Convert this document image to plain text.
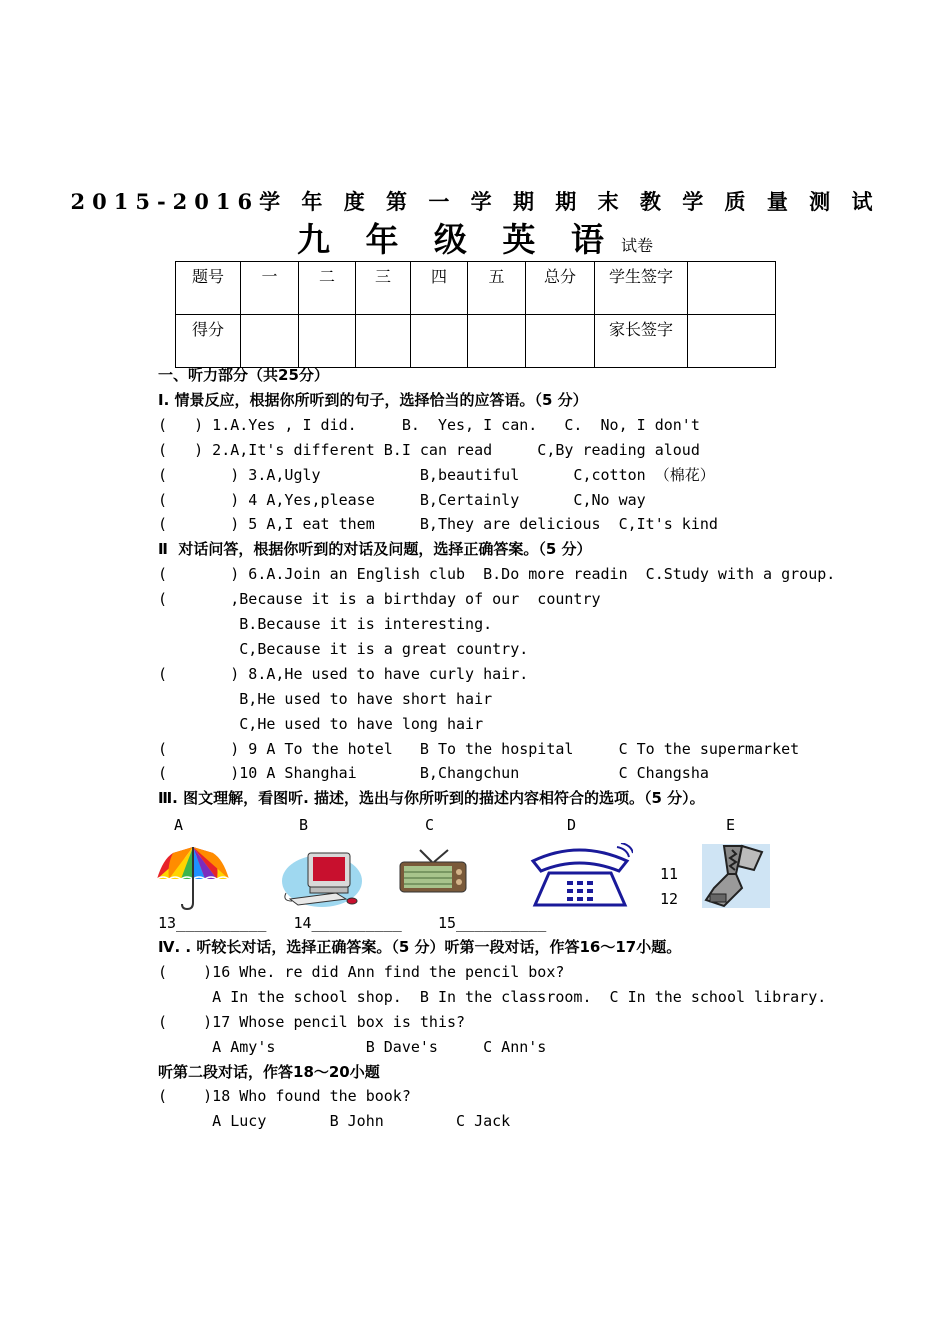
2015-2016学 年 度 第 一 学 期 期 末 教 学 质 量 测 试
九 年 级 英 语 试卷
题号	一	二	三	四	五	总分	学生签字	
得分							家长签字	
一、听力部分（共25分）
Ⅰ. 情景反应，根据你所听到的句子，选择恰当的应答语。（5 分）
(   ) 1.A.Yes , I did.     B.  Yes, I can.   C.  No, I don't
(   ) 2.A,It's different B.I can read     C,By reading aloud
(       ) 3.A,Ugly           B,beautiful      C,cotton （棉花）
(       ) 4 A,Yes,please     B,Certainly      C,No way
(       ) 5 A,I eat them     B,They are delicious  C,It's kind
Ⅱ  对话问答，根据你听到的对话及问题，选择正确答案。（5 分）
(       ) 6.A.Join an English club  B.Do more readin  C.Study with a group.
(       ,Because it is a birthday of our  country
B.Because it is interesting.
C,Because it is a great country.
(       ) 8.A,He used to have curly hair.
B,He used to have short hair
C,He used to have long hair
(       ) 9 A To the hotel   B To the hospital     C To the supermarket
(       )10 A Shanghai       B,Changchun           C Changsha
Ⅲ. 图文理解，看图听. 描述，选出与你所听到的描述内容相符合的选项。（5 分）。
A	B	C	D	E
11
12
13__________   14__________    15__________
Ⅳ. . 听较长对话，选择正确答案。（5 分）听第一段对话，作答16～17小题。
(    )16 Whe. re did Ann find the pencil box?
A In the school shop.  B In the classroom.  C In the school library.
(    )17 Whose pencil box is this?
A Amy's          B Dave's     C Ann's
听第二段对话，作答18～20小题
(    )18 Who found the book?
A Lucy       B John        C Jack
